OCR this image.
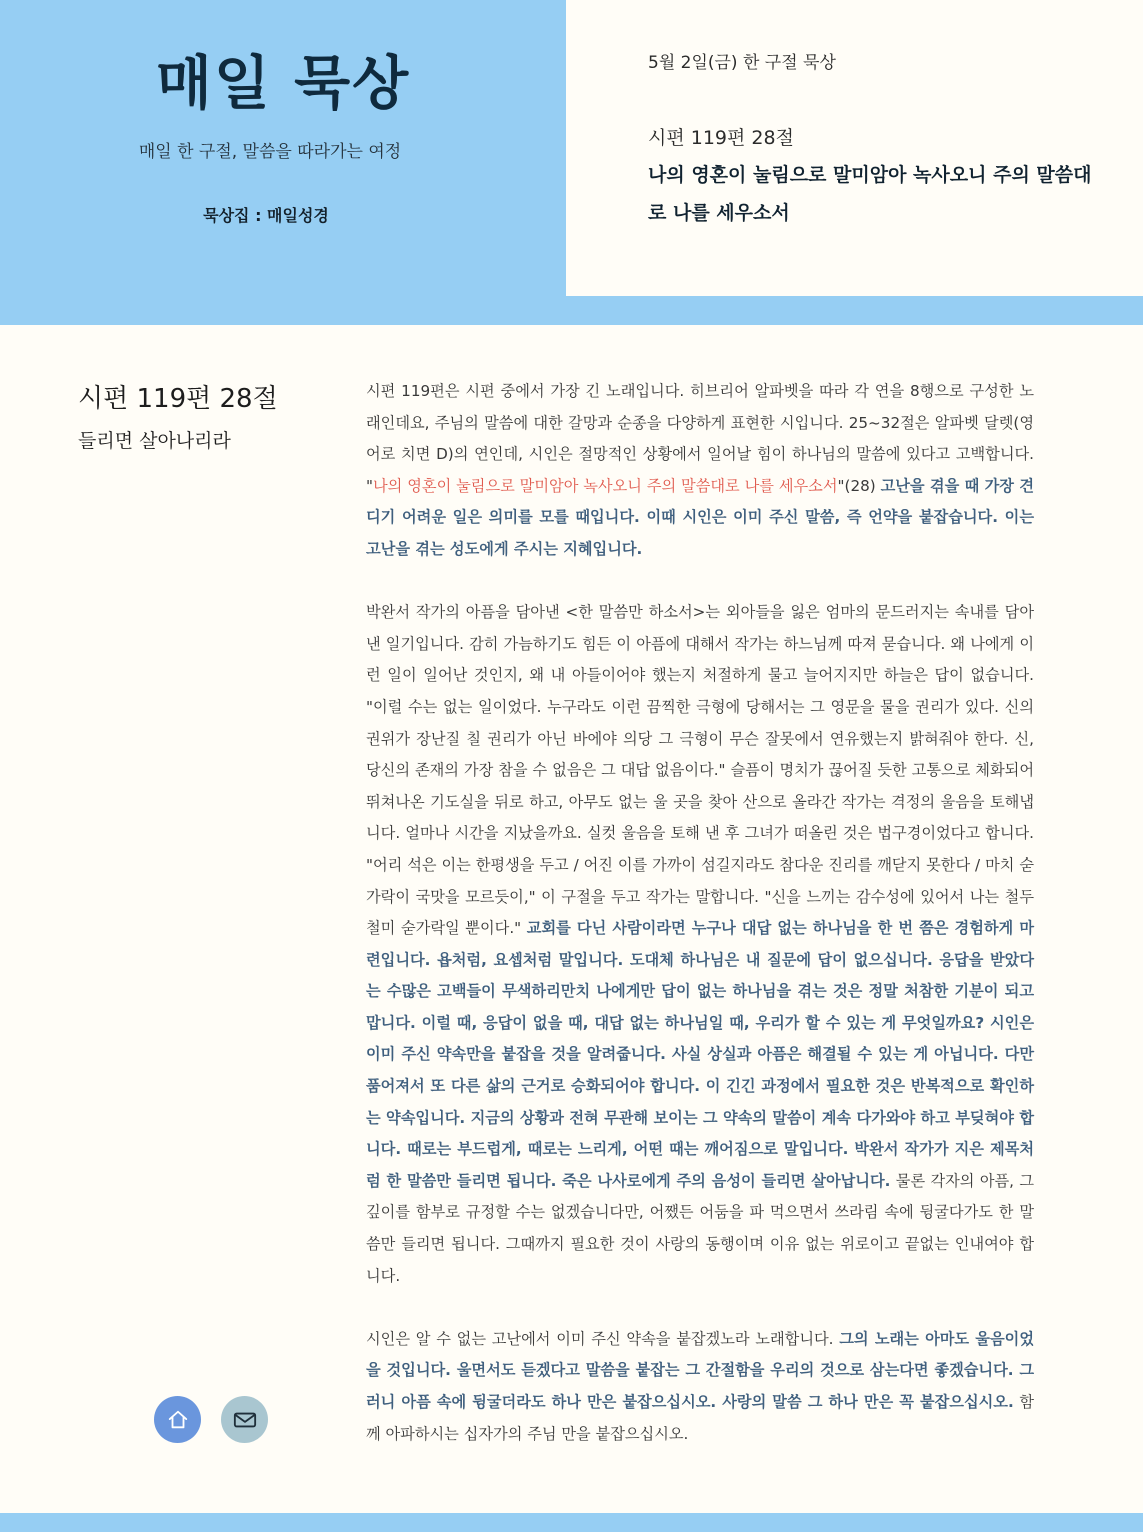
매일 묵상
매일 한 구절, 말씀을 따라가는 여정
묵상집 : 매일성경
5월 2일(금) 한 구절 묵상
시편 119편 28절
나의 영혼이 눌림으로 말미암아 녹사오니 주의 말씀대로 나를 세우소서
시편 119편 28절
들리면 살아나리라

시편 119편은 시편 중에서 가장 긴 노래입니다. 히브리어 알파벳을 따라 각 연을 8행으로 구성한 노래인데요, 주님의 말씀에 대한 갈망과 순종을 다양하게 표현한 시입니다. 25~32절은 알파벳 달렛(영어로 치면 D)의 연인데, 시인은 절망적인 상황에서 일어날 힘이 하나님의 말씀에 있다고 고백합니다. "나의 영혼이 눌림으로 말미암아 녹사오니 주의 말씀대로 나를 세우소서"(28) 고난을 겪을 때 가장 견디기 어려운 일은 의미를 모를 때입니다. 이때 시인은 이미 주신 말씀, 즉 언약을 붙잡습니다. 이는 고난을 겪는 성도에게 주시는 지혜입니다.

박완서 작가의 아픔을 담아낸 <한 말씀만 하소서>는 외아들을 잃은 엄마의 문드러지는 속내를 담아낸 일기입니다. 감히 가늠하기도 힘든 이 아픔에 대해서 작가는 하느님께 따져 묻습니다. 왜 나에게 이런 일이 일어난 것인지, 왜 내 아들이어야 했는지 처절하게 물고 늘어지지만 하늘은 답이 없습니다. "이럴 수는 없는 일이었다. 누구라도 이런 끔찍한 극형에 당해서는 그 영문을 물을 권리가 있다. 신의 권위가 장난질 칠 권리가 아닌 바에야 의당 그 극형이 무슨 잘못에서 연유했는지 밝혀줘야 한다. 신, 당신의 존재의 가장 참을 수 없음은 그 대답 없음이다." 슬픔이 명치가 끊어질 듯한 고통으로 체화되어 뛰쳐나온 기도실을 뒤로 하고, 아무도 없는 울 곳을 찾아 산으로 올라간 작가는 격정의 울음을 토해냅니다. 얼마나 시간을 지났을까요. 실컷 울음을 토해 낸 후 그녀가 떠올린 것은 법구경이었다고 합니다. "어리 석은 이는 한평생을 두고 / 어진 이를 가까이 섬길지라도 참다운 진리를 깨닫지 못한다 / 마치 숟가락이 국맛을 모르듯이," 이 구절을 두고 작가는 말합니다. "신을 느끼는 감수성에 있어서 나는 철두철미 숟가락일 뿐이다." 교회를 다닌 사람이라면 누구나 대답 없는 하나님을 한 번 쯤은 경험하게 마련입니다. 욥처럼, 요셉처럼 말입니다. 도대체 하나님은 내 질문에 답이 없으십니다. 응답을 받았다는 수많은 고백들이 무색하리만치 나에게만 답이 없는 하나님을 겪는 것은 정말 처참한 기분이 되고 맙니다. 이럴 때, 응답이 없을 때, 대답 없는 하나님일 때, 우리가 할 수 있는 게 무엇일까요? 시인은 이미 주신 약속만을 붙잡을 것을 알려줍니다. 사실 상실과 아픔은 해결될 수 있는 게 아닙니다. 다만 품어져서 또 다른 삶의 근거로 승화되어야 합니다. 이 긴긴 과정에서 필요한 것은 반복적으로 확인하는 약속입니다. 지금의 상황과 전혀 무관해 보이는 그 약속의 말씀이 계속 다가와야 하고 부딪혀야 합니다. 때로는 부드럽게, 때로는 느리게, 어떤 때는 깨어짐으로 말입니다. 박완서 작가가 지은 제목처럼 한 말씀만 들리면 됩니다. 죽은 나사로에게 주의 음성이 들리면 살아납니다. 물론 각자의 아픔, 그 깊이를 함부로 규정할 수는 없겠습니다만, 어쨌든 어둠을 파 먹으면서 쓰라림 속에 뒹굴다가도 한 말씀만 들리면 됩니다. 그때까지 필요한 것이 사랑의 동행이며 이유 없는 위로이고 끝없는 인내여야 합니다.

시인은 알 수 없는 고난에서 이미 주신 약속을 붙잡겠노라 노래합니다. 그의 노래는 아마도 울음이었을 것입니다. 울면서도 듣겠다고 말씀을 붙잡는 그 간절함을 우리의 것으로 삼는다면 좋겠습니다. 그러니 아픔 속에 뒹굴더라도 하나 만은 붙잡으십시오. 사랑의 말씀 그 하나 만은 꼭 붙잡으십시오. 함께 아파하시는 십자가의 주님 만을 붙잡으십시오.
